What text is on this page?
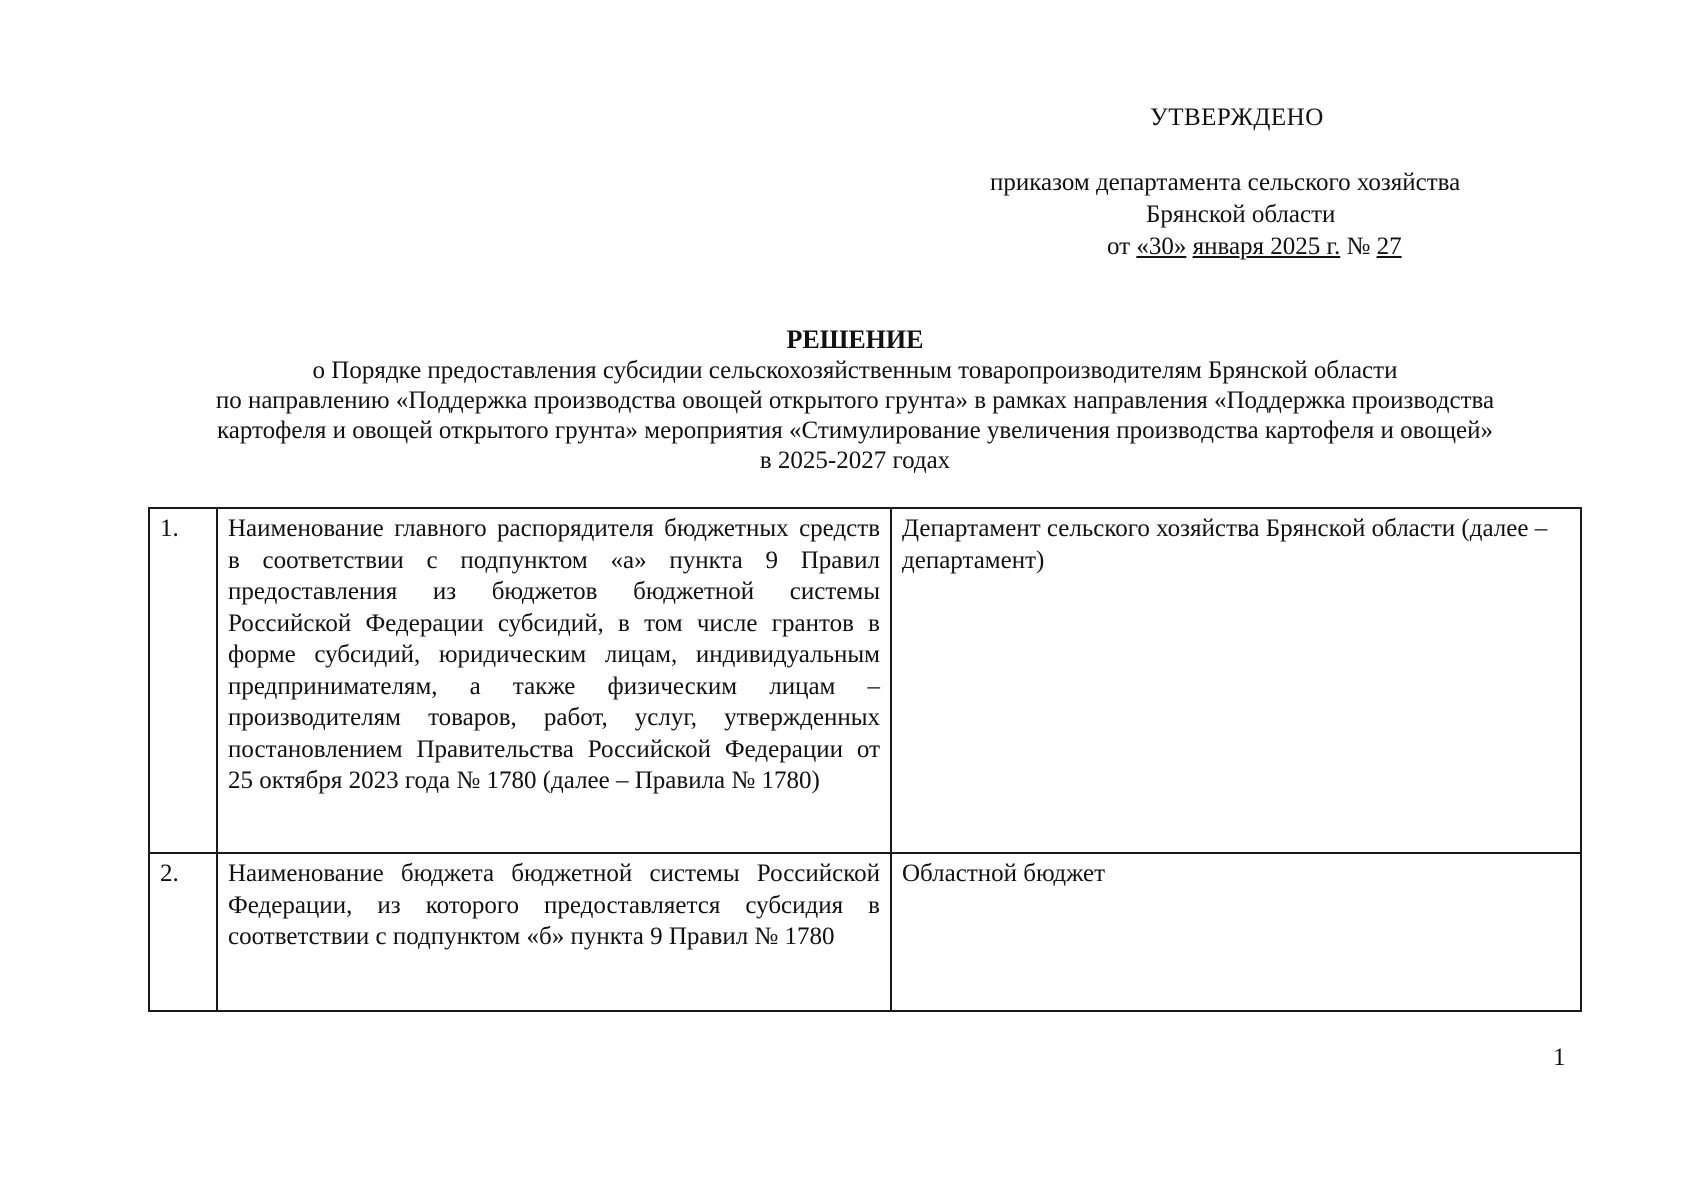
УТВЕРЖДЕНО
приказом департамента сельского хозяйства
Брянской области
от «30» января 2025 г. № 27
РЕШЕНИЕ
о Порядке предоставления субсидии сельскохозяйственным товаропроизводителям Брянской области
по направлению «Поддержка производства овощей открытого грунта» в рамках направления «Поддержка производства
картофеля и овощей открытого грунта» мероприятия «Стимулирование увеличения производства картофеля и овощей»
в 2025-2027 годах
1.	Наименование главного распорядителя бюджетных средств в соответствии с подпунктом «а» пункта 9 Правил предоставления из бюджетов бюджетной системы Российской Федерации субсидий, в том числе грантов в форме субсидий, юридическим лицам, индивидуальным предпринимателям, а также физическим лицам – производителям товаров, работ, услуг, утвержденных постановлением Правительства Российской Федерации от 25 октября 2023 года № 1780 (далее – Правила № 1780)	Департамент сельского хозяйства Брянской области (далее – департамент)
2.	Наименование бюджета бюджетной системы Российской Федерации, из которого предоставляется субсидия в соответствии с подпунктом «б» пункта 9 Правил № 1780	Областной бюджет
1
